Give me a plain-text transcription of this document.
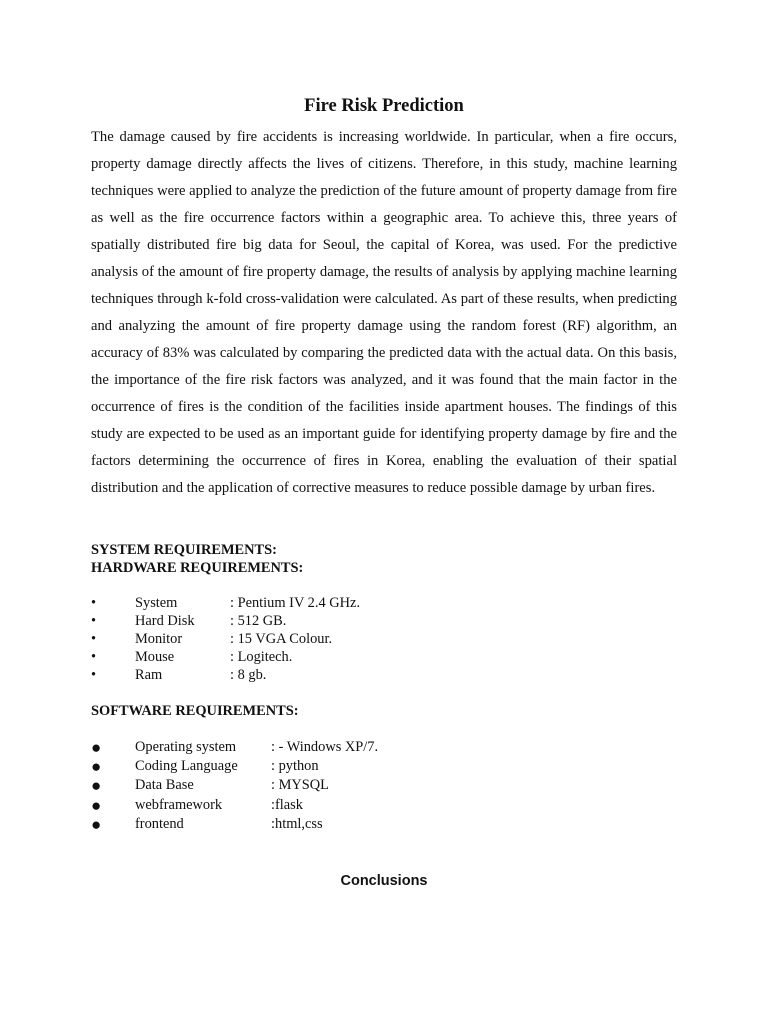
Fire Risk Prediction

The damage caused by fire accidents is increasing worldwide. In particular, when a fire occurs, property damage directly affects the lives of citizens. Therefore, in this study, machine learning techniques were applied to analyze the prediction of the future amount of property damage from fire as well as the fire occurrence factors within a geographic area. To achieve this, three years of spatially distributed fire big data for Seoul, the capital of Korea, was used. For the predictive analysis of the amount of fire property damage, the results of analysis by applying machine learning techniques through k-fold cross-validation were calculated. As part of these results, when predicting and analyzing the amount of fire property damage using the random forest (RF) algorithm, an accuracy of 83% was calculated by comparing the predicted data with the actual data. On this basis, the importance of the fire risk factors was analyzed, and it was found that the main factor in the occurrence of fires is the condition of the facilities inside apartment houses. The findings of this study are expected to be used as an important guide for identifying property damage by fire and the factors determining the occurrence of fires in Korea, enabling the evaluation of their spatial distribution and the application of corrective measures to reduce possible damage by urban fires.

SYSTEM REQUIREMENTS:

HARDWARE REQUIREMENTS:

•	System	: Pentium IV 2.4 GHz.
•	Hard Disk : 512 GB.
•	Monitor	: 15 VGA Colour.
•	Mouse	: Logitech.
•	Ram	: 8 gb.

SOFTWARE REQUIREMENTS:

● Operating system : - Windows XP/7.
● Coding Language : python
● Data Base	: MYSQL
● webframework	:flask
● frontend	:html,css
Conclusions
